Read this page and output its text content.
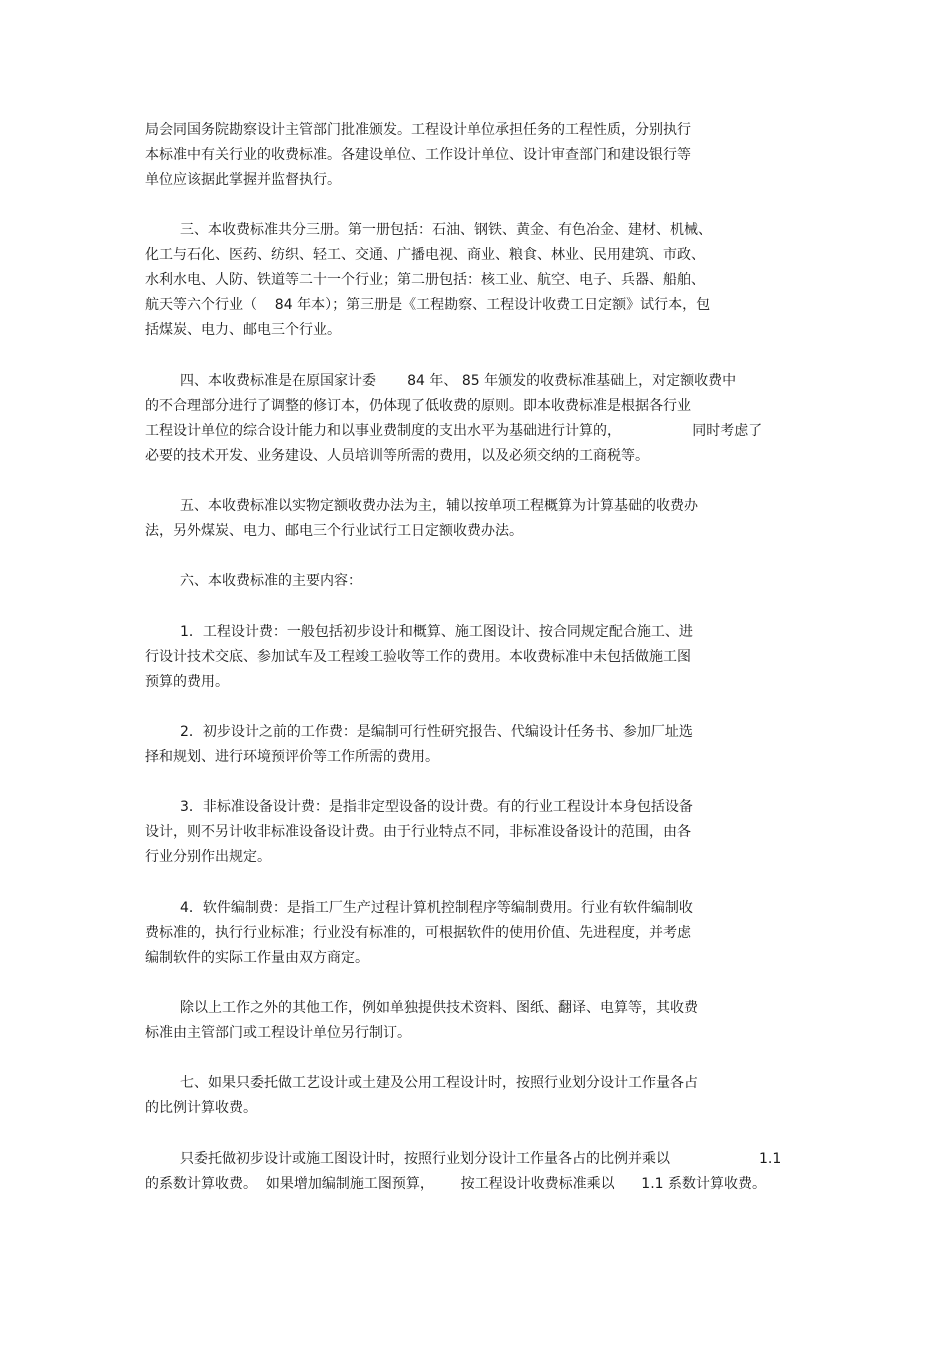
局会同国务院勘察设计主管部门批准颁发。工程设计单位承担任务的工程性质，分别执行

本标准中有关行业的收费标准。各建设单位、工作设计单位、设计审查部门和建设银行等

单位应该据此掌握并监督执行。

三、本收费标准共分三册。第一册包括：石油、钢铁、黄金、有色冶金、建材、机械、

化工与石化、医药、纺织、轻工、交通、广播电视、商业、粮食、林业、民用建筑、市政、

水利水电、人防、铁道等二十一个行业；第二册包括：核工业、航空、电子、兵器、船舶、

航天等六个行业（    84 年本）；第三册是《工程勘察、工程设计收费工日定额》试行本，包

括煤炭、电力、邮电三个行业。

四、本收费标准是在原国家计委       84 年、 85 年颁发的收费标准基础上，对定额收费中

的不合理部分进行了调整的修订本，仍体现了低收费的原则。即本收费标准是根据各行业

工程设计单位的综合设计能力和以事业费制度的支出水平为基础进行计算的，                同时考虑了

必要的技术开发、业务建设、人员培训等所需的费用，以及必须交纳的工商税等。

五、本收费标准以实物定额收费办法为主，辅以按单项工程概算为计算基础的收费办

法，另外煤炭、电力、邮电三个行业试行工日定额收费办法。

六、本收费标准的主要内容：

1．工程设计费：一般包括初步设计和概算、施工图设计、按合同规定配合施工、进

行设计技术交底、参加试车及工程竣工验收等工作的费用。本收费标准中未包括做施工图

预算的费用。

2．初步设计之前的工作费：是编制可行性研究报告、代编设计任务书、参加厂址选

择和规划、进行环境预评价等工作所需的费用。

3．非标准设备设计费：是指非定型设备的设计费。有的行业工程设计本身包括设备

设计，则不另计收非标准设备设计费。由于行业特点不同，非标准设备设计的范围，由各

行业分别作出规定。

4．软件编制费：是指工厂生产过程计算机控制程序等编制费用。行业有软件编制收

费标准的，执行行业标准；行业没有标准的，可根据软件的使用价值、先进程度，并考虑

编制软件的实际工作量由双方商定。

除以上工作之外的其他工作，例如单独提供技术资料、图纸、翻译、电算等，其收费

标准由主管部门或工程设计单位另行制订。

七、如果只委托做工艺设计或土建及公用工程设计时，按照行业划分设计工作量各占

的比例计算收费。

只委托做初步设计或施工图设计时，按照行业划分设计工作量各占的比例并乘以                    1.1

的系数计算收费。  如果增加编制施工图预算，      按工程设计收费标准乘以      1.1 系数计算收费。
